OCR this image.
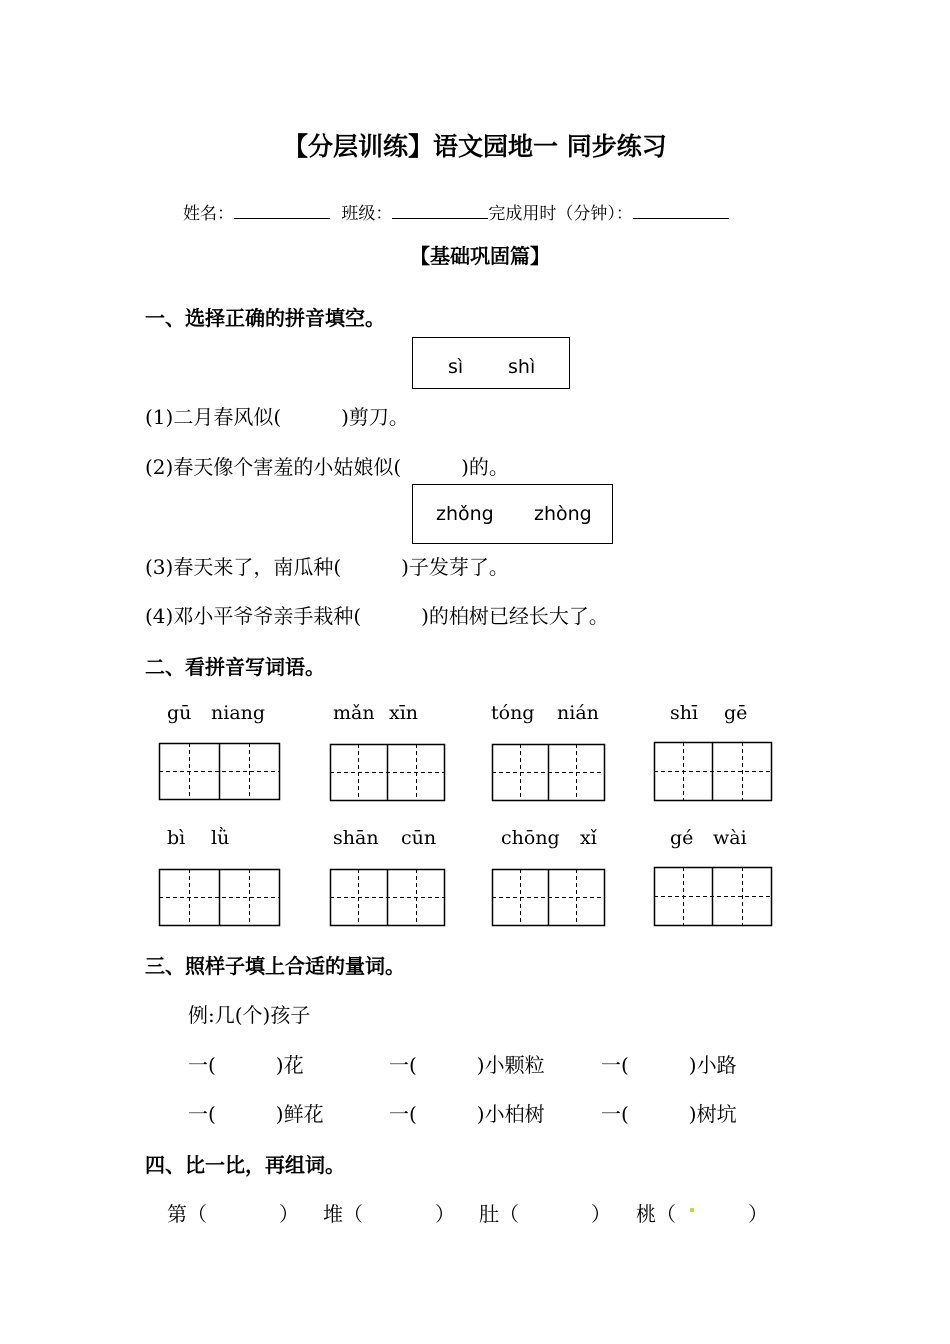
【分层训练】语文园地一 同步练习
姓名：	班级：	完成用时（分钟）：
【基础巩固篇】
一、选择正确的拼音填空。
sì shì
(1)二月春风似(　　　)剪刀。
(2)春天像个害羞的小姑娘似(　　　)的。
zhǒng zhòng
(3)春天来了，南瓜种(　　　)子发芽了。
(4)邓小平爷爷亲手栽种(　　　)的柏树已经长大了。
二、看拼音写词语。
gū niang	mǎn xīn	tóng nián	shī gē
bì lǜ	shān cūn	chōng xǐ	gé wài
三、照样子填上合适的量词。
例:几(个)孩子
一(　　　)花	一(　　　)小颗粒	一(　　　)小路
一(　　　)鲜花	一(　　　)小柏树	一(　　　)树坑
四、比一比，再组词。
第（	） 堆（	） 肚（	） 桃（	）
